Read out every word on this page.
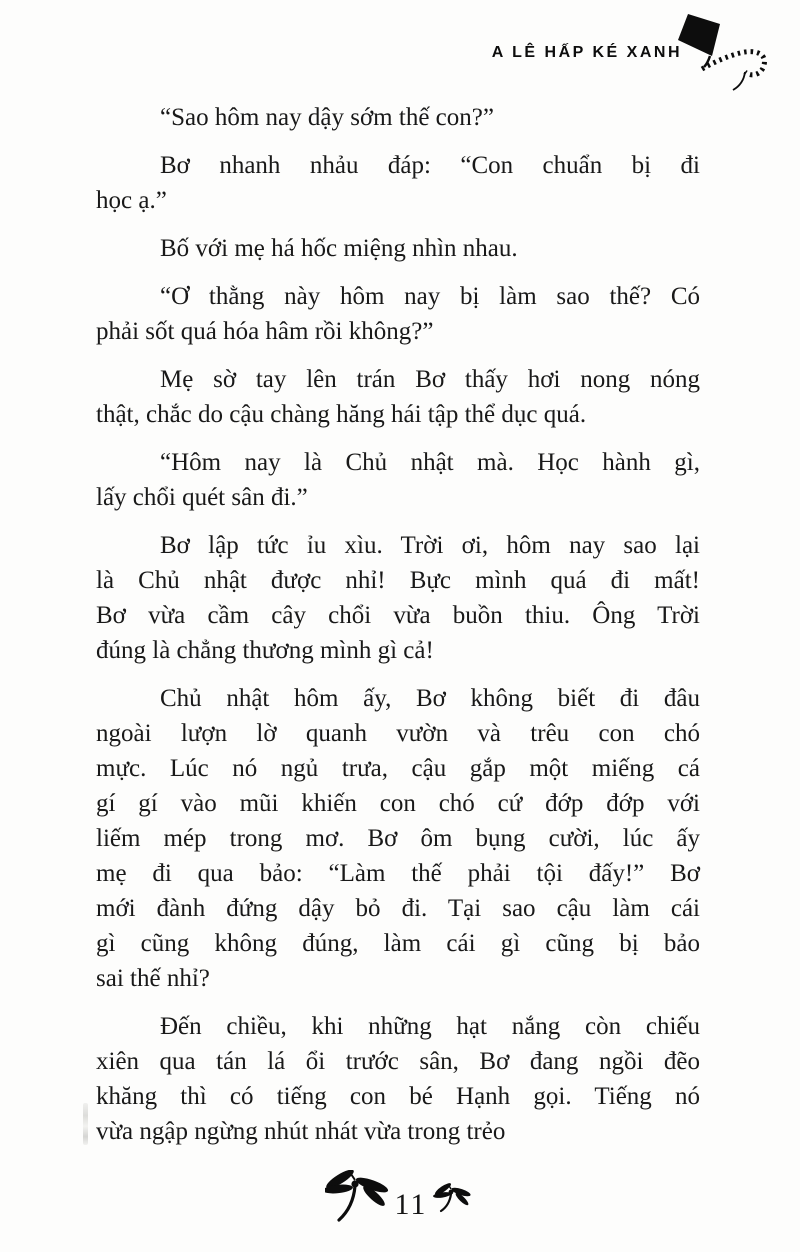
A LÊ HẤP KÉ XANH
“Sao hôm nay dậy sớm thế con?”
Bơ nhanh nhảu đáp: “Con chuẩn bị đi
học ạ.”
Bố với mẹ há hốc miệng nhìn nhau.
“Ơ thằng này hôm nay bị làm sao thế? Có
phải sốt quá hóa hâm rồi không?”
Mẹ sờ tay lên trán Bơ thấy hơi nong nóng
thật, chắc do cậu chàng hăng hái tập thể dục quá.
“Hôm nay là Chủ nhật mà. Học hành gì,
lấy chổi quét sân đi.”
Bơ lập tức ỉu xìu. Trời ơi, hôm nay sao lại
là Chủ nhật được nhỉ! Bực mình quá đi mất!
Bơ vừa cầm cây chổi vừa buồn thiu. Ông Trời
đúng là chẳng thương mình gì cả!
Chủ nhật hôm ấy, Bơ không biết đi đâu
ngoài lượn lờ quanh vườn và trêu con chó
mực. Lúc nó ngủ trưa, cậu gắp một miếng cá
gí gí vào mũi khiến con chó cứ đớp đớp với
liếm mép trong mơ. Bơ ôm bụng cười, lúc ấy
mẹ đi qua bảo: “Làm thế phải tội đấy!” Bơ
mới đành đứng dậy bỏ đi. Tại sao cậu làm cái
gì cũng không đúng, làm cái gì cũng bị bảo
sai thế nhỉ?
Đến chiều, khi những hạt nắng còn chiếu
xiên qua tán lá ổi trước sân, Bơ đang ngồi đẽo
khăng thì có tiếng con bé Hạnh gọi. Tiếng nó
vừa ngập ngừng nhút nhát vừa trong trẻo
11
